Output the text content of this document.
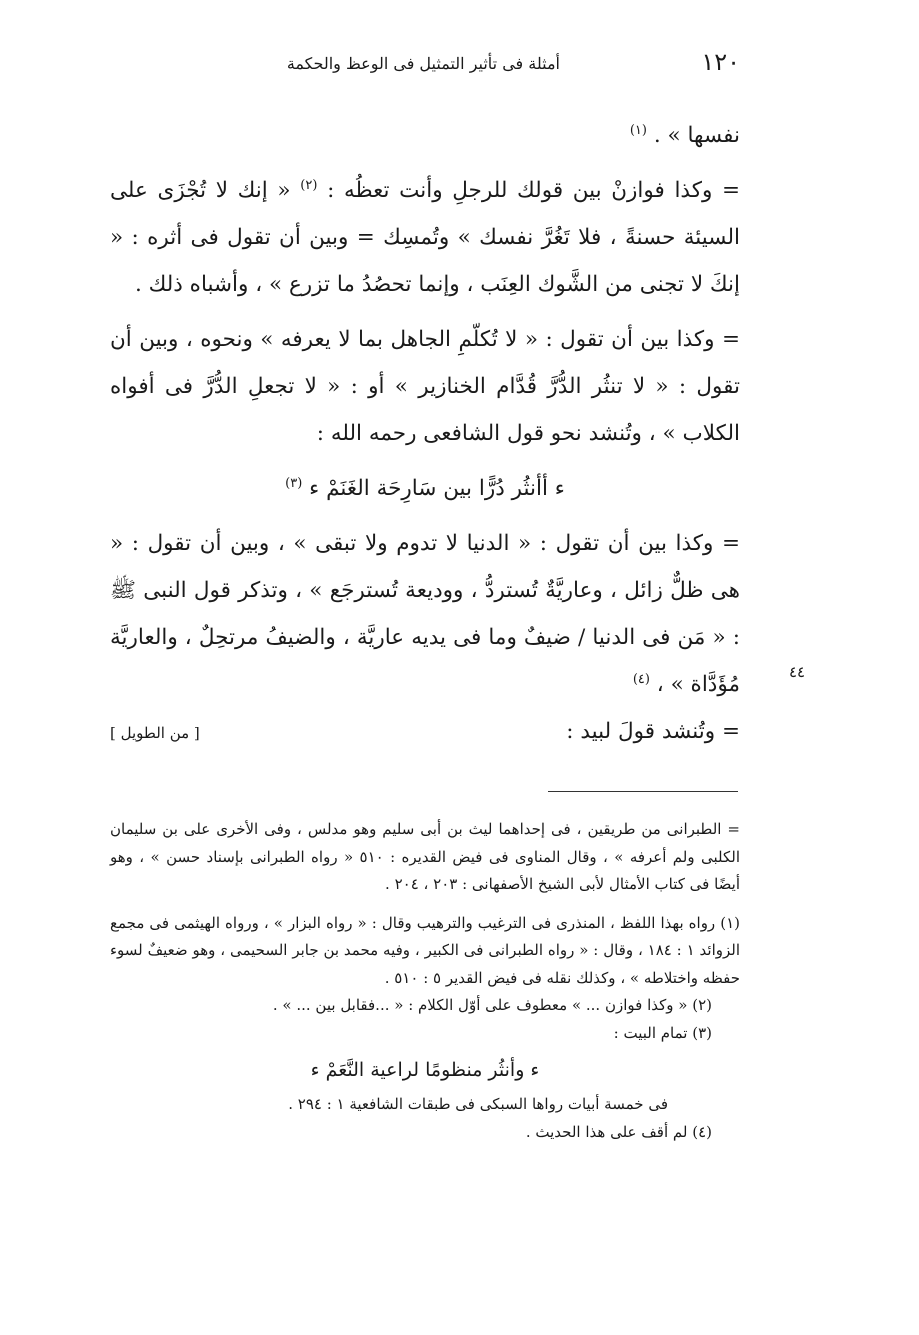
١٢٠
أمثلة فى تأثير التمثيل فى الوعظ والحكمة
٤٤

نفسها » . $^{(١)}$

= وكذا فوازنْ بين قولك للرجلِ وأنت تعظُه : $^{(٢)}$ « إنك لا تُجْزَى على السيئة حسنةً ، فلا تَغُرَّ نفسك » وتُمسِك = وبين أن تقول فى أثره : « إنكَ لا تجنى من الشَّوك العِنَب ، وإنما تحصُدُ ما تزرع » ، وأشباه ذلك .

= وكذا بين أن تقول : « لا تُكلّمِ الجاهل بما لا يعرفه » ونحوه ، وبين أن تقول : « لا تنثُر الدُّرَّ قُدَّام الخنازير » أو : « لا تجعلِ الدُّرَّ فى أفواه الكلاب » ، وتُنشد نحو قول الشافعى رحمه الله :

ء أأنثُر دُرًّا بين سَارِحَة الغَنَمْ ء $^{(٣)}$

= وكذا بين أن تقول : « الدنيا لا تدوم ولا تبقى » ، وبين أن تقول : « هى ظلٌّ زائل ، وعاريَّةٌ تُستردُّ ، ووديعة تُسترجَع » ، وتذكر قول النبى ﷺ : « مَن فى الدنيا / ضيفٌ وما فى يديه عاريَّة ، والضيفُ مرتحِلٌ ، والعاريَّة مُؤَدَّاة » ، $^{(٤)}$

= وتُنشد قولَ لبيد :
[ من الطويل ]

= الطبرانى من طريقين ، فى إحداهما ليث بن أبى سليم وهو مدلس ، وفى الأخرى على بن سليمان الكلبى ولم أعرفه » ، وقال المناوى فى فيض القديره : ٥١٠ « رواه الطبرانى بإسناد حسن » ، وهو أيضًا فى كتاب الأمثال لأبى الشيخ الأصفهانى : ٢٠٣ ، ٢٠٤ .

(١) رواه بهذا اللفظ ، المنذرى فى الترغيب والترهيب وقال : « رواه البزار » ، ورواه الهيثمى فى مجمع الزوائد ١ : ١٨٤ ، وقال : « رواه الطبرانى فى الكبير ، وفيه محمد بن جابر السحيمى ، وهو ضعيفٌ لسوء حفظه واختلاطه » ، وكذلك نقله فى فيض القدير ٥ : ٥١٠ .

(٢) « وكذا فوازن ... » معطوف على أوّل الكلام : « ...فقابل بين ... » .

(٣) تمام البيت :

ء وأنثُر منظومًا لراعية النَّعَمْ ء

فى خمسة أبيات رواها السبكى فى طبقات الشافعية ١ : ٢٩٤ .

(٤) لم أقف على هذا الحديث .
